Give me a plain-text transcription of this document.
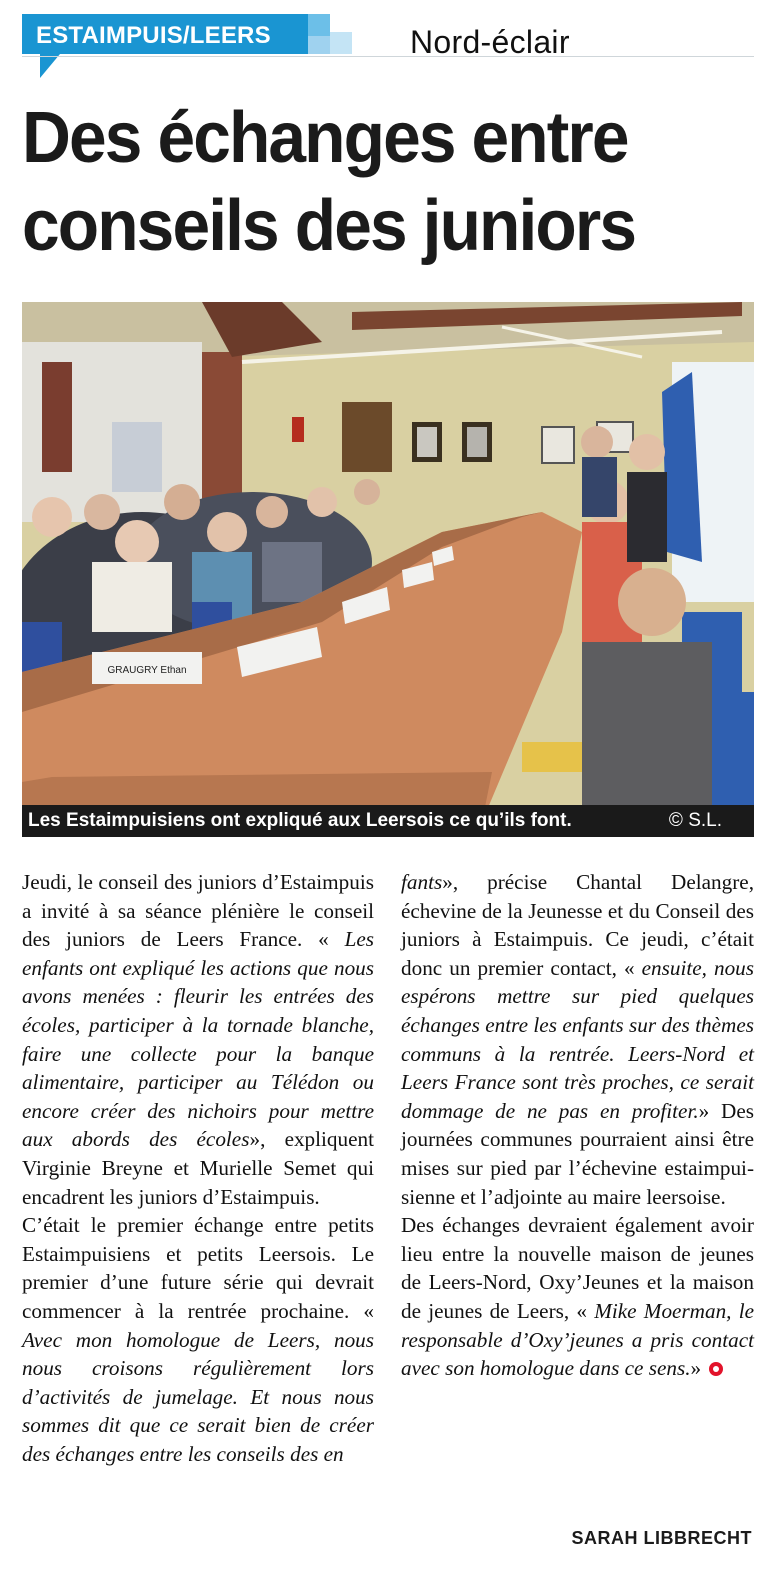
ESTAIMPUIS/LEERS	Nord-éclair
Des échanges entre
conseils des juniors
GRAUGRY Ethan
Les Estaimpuisiens ont expliqué aux Leersois ce qu’ils font.	© S.L.

Jeudi, le conseil des juniors d’Estaimpuis a invité à sa séance plénière le conseil des juniors de Leers France. « Les enfants ont expliqué les actions que nous avons menées : fleurir les entrées des écoles, participer à la tornade blanche, faire une collecte pour la banque alimentaire, participer au Télédon ou encore créer des nichoirs pour mettre aux abords des écoles», expliquent Virginie Breyne et Murielle Semet qui encadrent les juniors d’Estaimpuis.

C’était le premier échange entre petits Estaimpuisiens et petits Leersois. Le premier d’une future série qui devrait commencer à la rentrée prochaine. « Avec mon homologue de Leers, nous nous croisons régulièrement lors d’activités de jumelage. Et nous nous sommes dit que ce serait bien de créer des échanges entre les conseils des en

fants», précise Chantal Delangre, échevine de la Jeunesse et du Conseil des juniors à Estaimpuis. Ce jeudi, c’était donc un premier contact, « ensuite, nous espérons mettre sur pied quelques échanges entre les enfants sur des thèmes communs à la rentrée. Leers-Nord et Leers France sont très proches, ce serait dommage de ne pas en profiter.» Des journées communes pourraient ainsi être mises sur pied par l’échevine estaimpuisienne et l’adjointe au maire leersoise.

Des échanges devraient également avoir lieu entre la nouvelle maison de jeunes de Leers-Nord, Oxy’Jeunes et la maison de jeunes de Leers, « Mike Moerman, le responsable d’Oxy’jeunes a pris contact avec son homologue dans ce sens.»

SARAH LIBBRECHT
